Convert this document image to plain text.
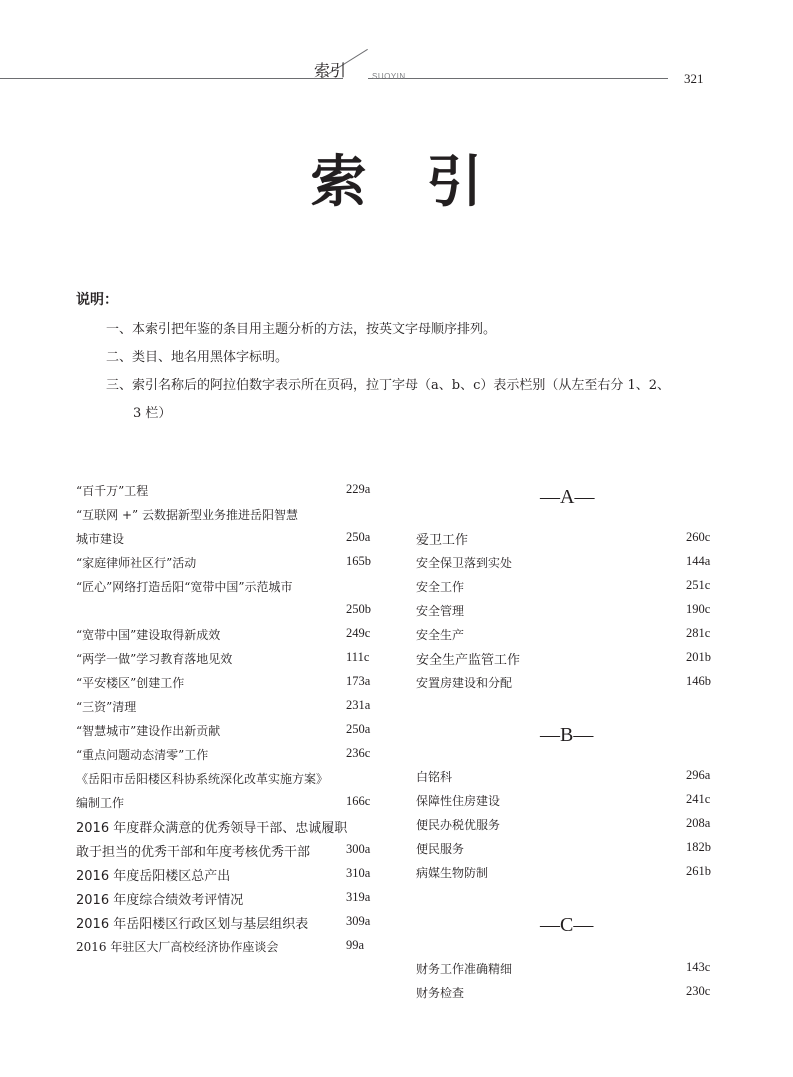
索引	SUOYIN	321
索引
说明：
一、本索引把年鉴的条目用主题分析的方法，按英文字母顺序排列。
二、类目、地名用黑体字标明。
三、索引名称后的阿拉伯数字表示所在页码，拉丁字母（a、b、c）表示栏别（从左至右分 1、2、
3 栏）
“百千万”工程	229a
“互联网 +” 云数据新型业务推进岳阳智慧
城市建设	250a
“家庭律师社区行”活动	165b
“匠心”网络打造岳阳“宽带中国”示范城市
250b
“宽带中国”建设取得新成效	249c
“两学一做”学习教育落地见效	111c
“平安楼区”创建工作	173a
“三资”清理	231a
“智慧城市”建设作出新贡献	250a
“重点问题动态清零”工作	236c
《岳阳市岳阳楼区科协系统深化改革实施方案》
编制工作	166c
2016 年度群众满意的优秀领导干部、忠诚履职
敢于担当的优秀干部和年度考核优秀干部	300a
2016 年度岳阳楼区总产出	310a
2016 年度综合绩效考评情况	319a
2016 年岳阳楼区行政区划与基层组织表	309a
2016 年驻区大厂高校经济协作座谈会	99a
—A—
爱卫工作	260c
安全保卫落到实处	144a
安全工作	251c
安全管理	190c
安全生产	281c
安全生产监管工作	201b
安置房建设和分配	146b
—B—
白铭科	296a
保障性住房建设	241c
便民办税优服务	208a
便民服务	182b
病媒生物防制	261b
—C—
财务工作准确精细	143c
财务检查	230c
